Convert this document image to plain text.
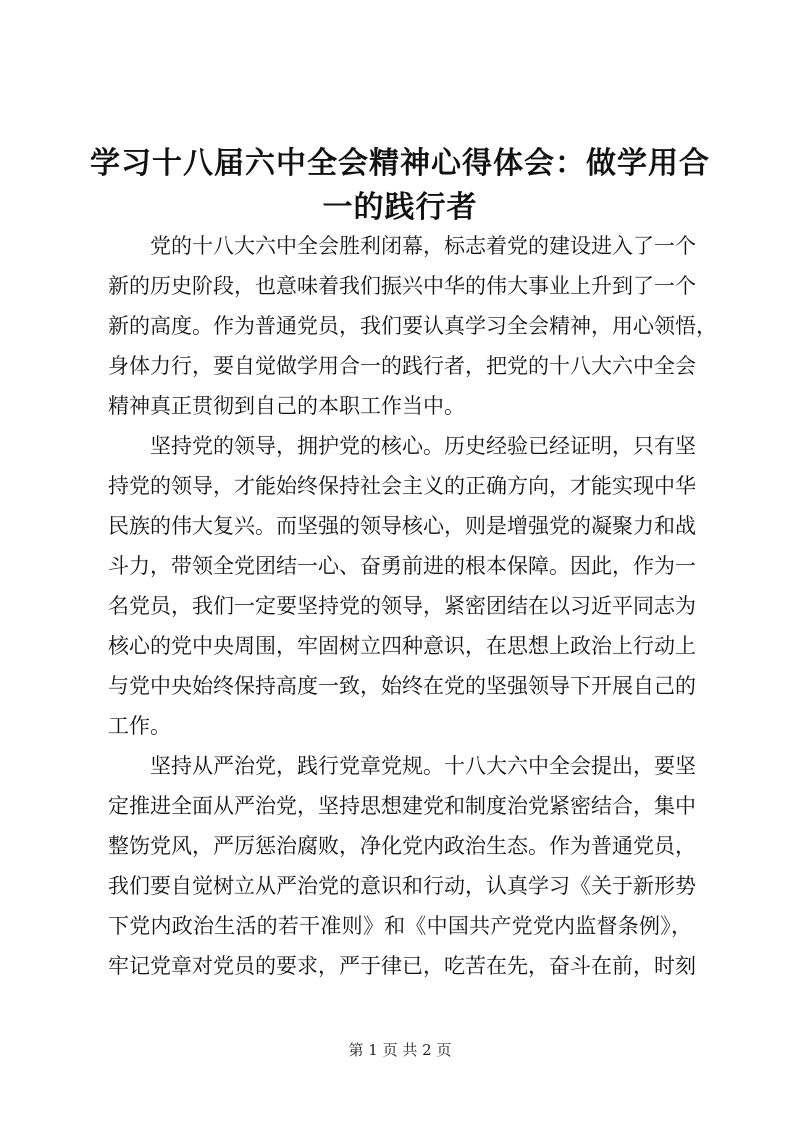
学习十八届六中全会精神心得体会：做学用合
一的践行者
党的十八大六中全会胜利闭幕，标志着党的建设进入了一个
新的历史阶段，也意味着我们振兴中华的伟大事业上升到了一个
新的高度。作为普通党员，我们要认真学习全会精神，用心领悟，
身体力行，要自觉做学用合一的践行者，把党的十八大六中全会
精神真正贯彻到自己的本职工作当中。
坚持党的领导，拥护党的核心。历史经验已经证明，只有坚
持党的领导，才能始终保持社会主义的正确方向，才能实现中华
民族的伟大复兴。而坚强的领导核心，则是增强党的凝聚力和战
斗力，带领全党团结一心、奋勇前进的根本保障。因此，作为一
名党员，我们一定要坚持党的领导，紧密团结在以习近平同志为
核心的党中央周围，牢固树立四种意识，在思想上政治上行动上
与党中央始终保持高度一致，始终在党的坚强领导下开展自己的
工作。
坚持从严治党，践行党章党规。十八大六中全会提出，要坚
定推进全面从严治党，坚持思想建党和制度治党紧密结合，集中
整饬党风，严厉惩治腐败，净化党内政治生态。作为普通党员，
我们要自觉树立从严治党的意识和行动，认真学习《关于新形势
下党内政治生活的若干准则》和《中国共产党党内监督条例》，
牢记党章对党员的要求，严于律已，吃苦在先，奋斗在前，时刻
第 1 页 共 2 页
